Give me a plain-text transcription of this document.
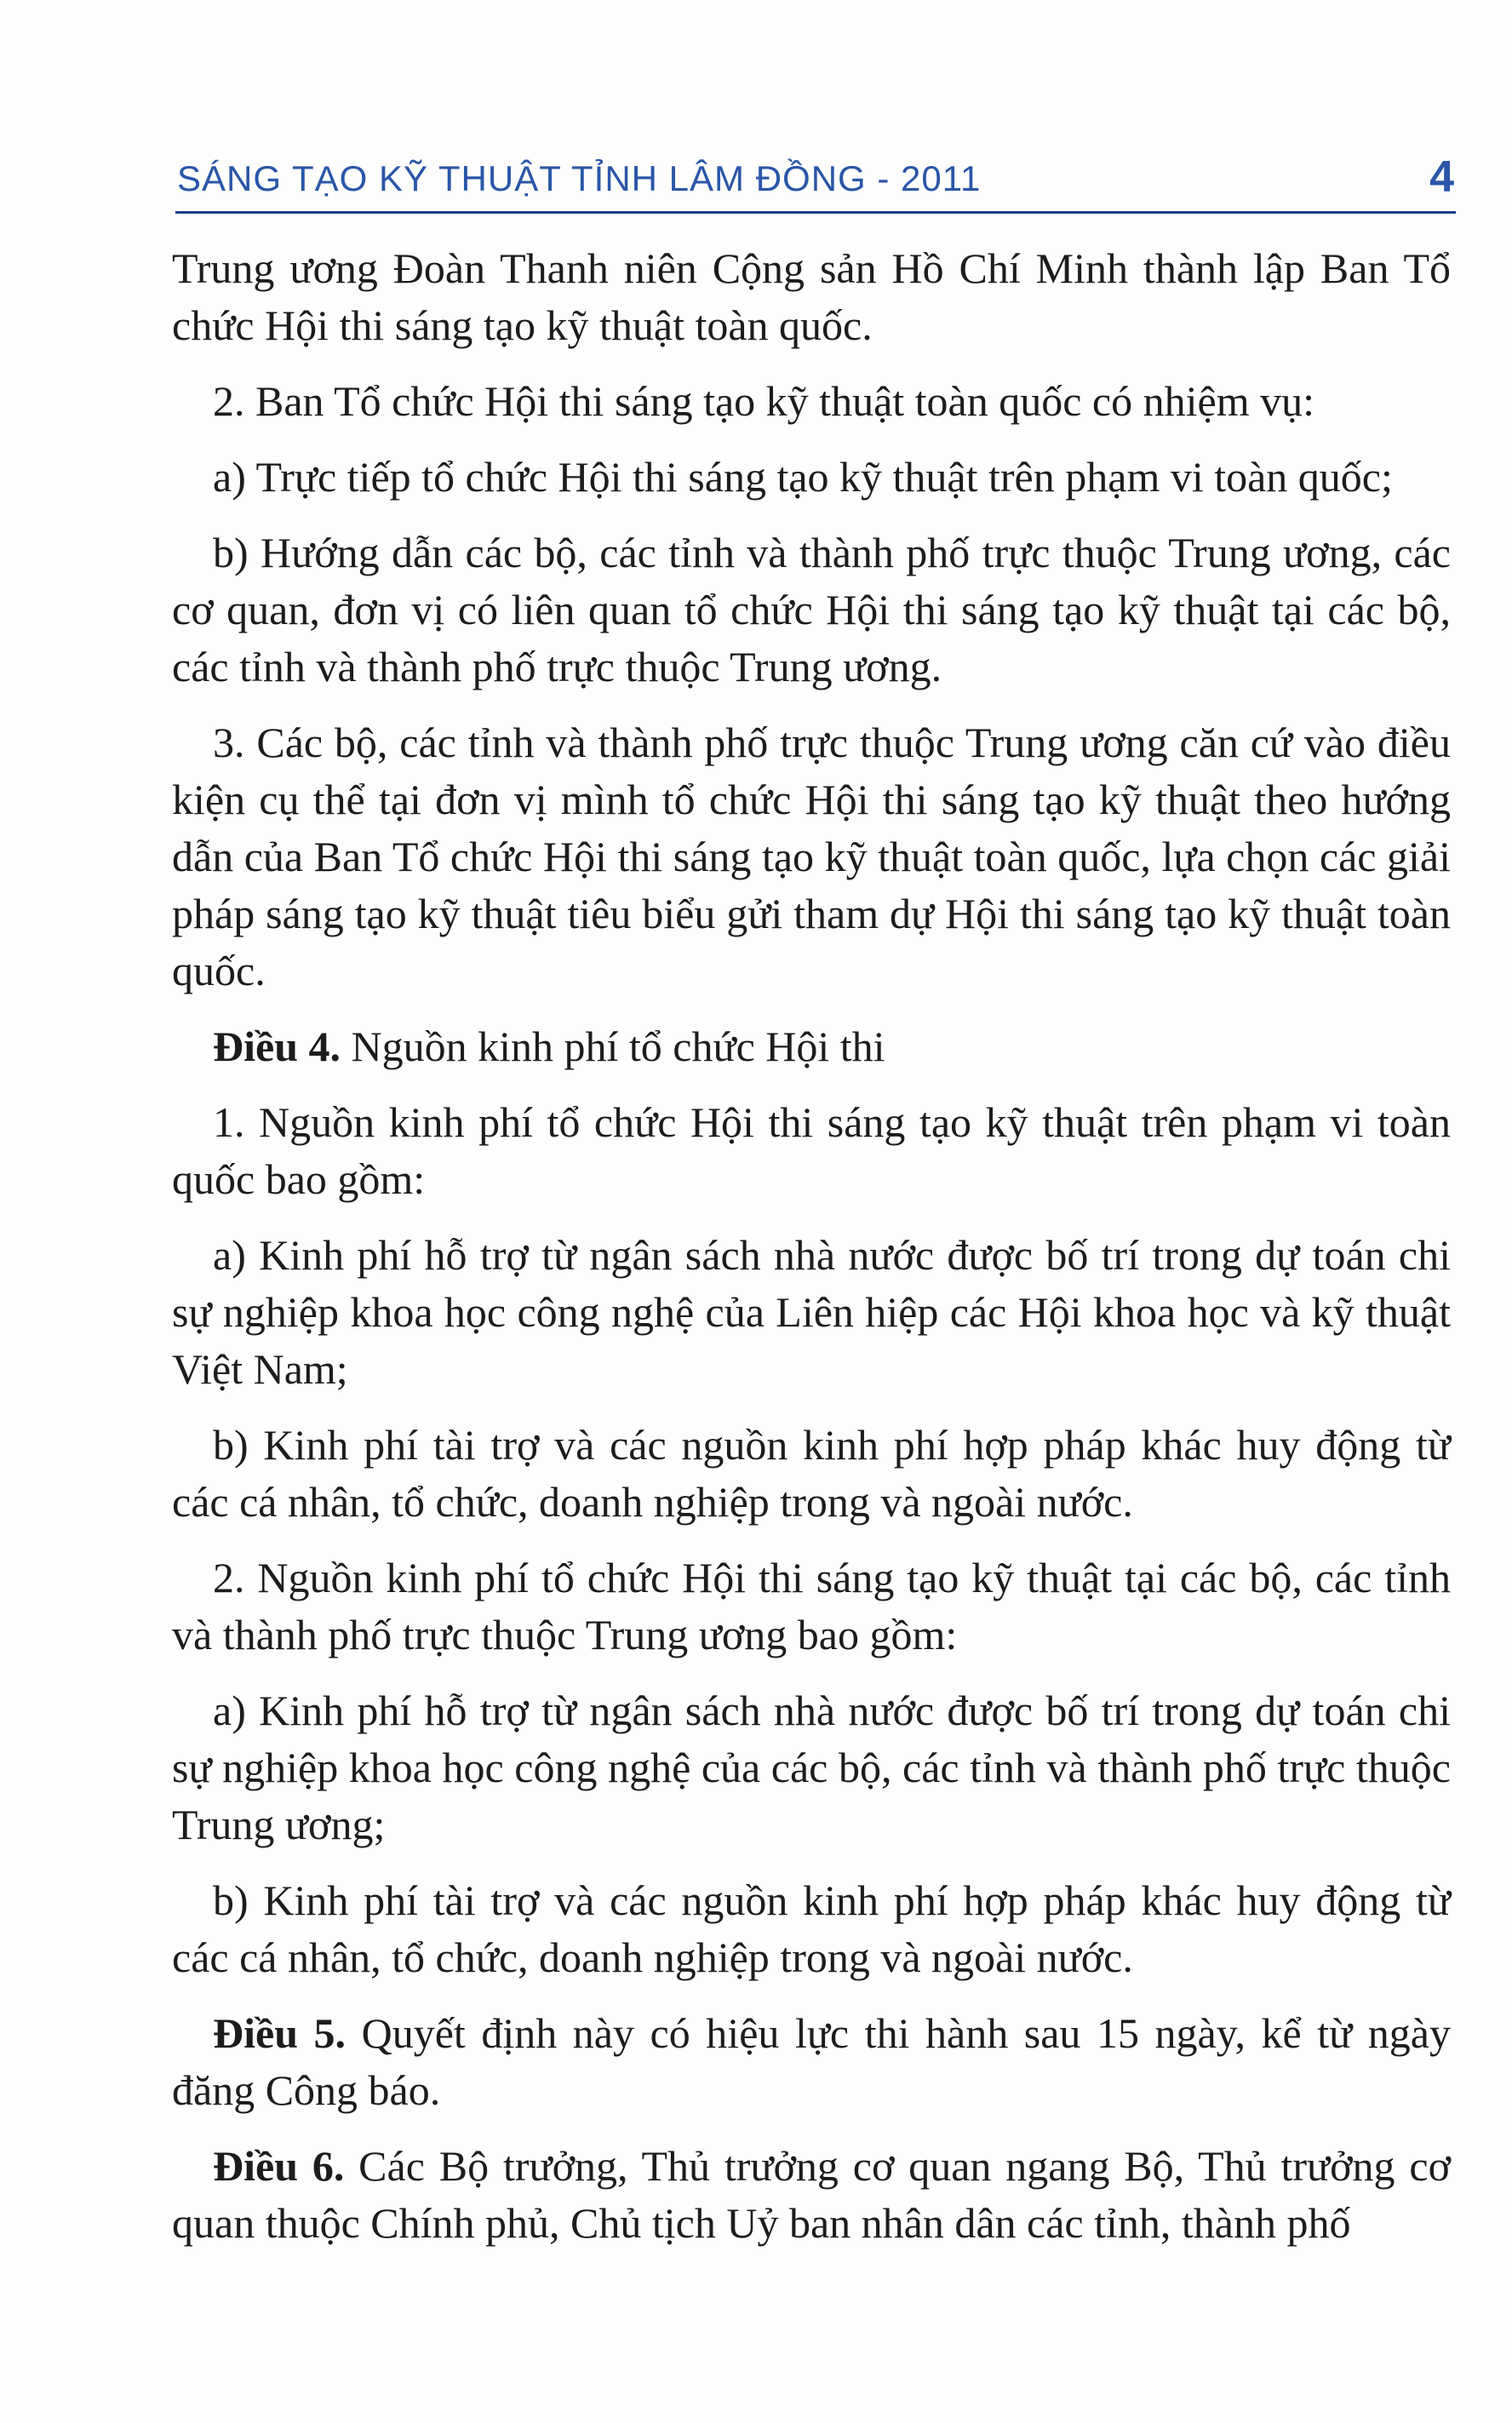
SÁNG TẠO KỸ THUẬT TỈNH LÂM ĐỒNG - 2011	4

Trung ương Đoàn Thanh niên Cộng sản Hồ Chí Minh thành lập Ban Tổ chức Hội thi sáng tạo kỹ thuật toàn quốc.

2. Ban Tổ chức Hội thi sáng tạo kỹ thuật toàn quốc có nhiệm vụ:

a) Trực tiếp tổ chức Hội thi sáng tạo kỹ thuật trên phạm vi toàn quốc;

b) Hướng dẫn các bộ, các tỉnh và thành phố trực thuộc Trung ương, các cơ quan, đơn vị có liên quan tổ chức Hội thi sáng tạo kỹ thuật tại các bộ, các tỉnh và thành phố trực thuộc Trung ương.

3. Các bộ, các tỉnh và thành phố trực thuộc Trung ương căn cứ vào điều kiện cụ thể tại đơn vị mình tổ chức Hội thi sáng tạo kỹ thuật theo hướng dẫn của Ban Tổ chức Hội thi sáng tạo kỹ thuật toàn quốc, lựa chọn các giải pháp sáng tạo kỹ thuật tiêu biểu gửi tham dự Hội thi sáng tạo kỹ thuật toàn quốc.

Điều 4. Nguồn kinh phí tổ chức Hội thi

1. Nguồn kinh phí tổ chức Hội thi sáng tạo kỹ thuật trên phạm vi toàn quốc bao gồm:

a) Kinh phí hỗ trợ từ ngân sách nhà nước được bố trí trong dự toán chi sự nghiệp khoa học công nghệ của Liên hiệp các Hội khoa học và kỹ thuật Việt Nam;

b) Kinh phí tài trợ và các nguồn kinh phí hợp pháp khác huy động từ các cá nhân, tổ chức, doanh nghiệp trong và ngoài nước.

2. Nguồn kinh phí tổ chức Hội thi sáng tạo kỹ thuật tại các bộ, các tỉnh và thành phố trực thuộc Trung ương bao gồm:

a) Kinh phí hỗ trợ từ ngân sách nhà nước được bố trí trong dự toán chi sự nghiệp khoa học công nghệ của các bộ, các tỉnh và thành phố trực thuộc Trung ương;

b) Kinh phí tài trợ và các nguồn kinh phí hợp pháp khác huy động từ các cá nhân, tổ chức, doanh nghiệp trong và ngoài nước.

Điều 5. Quyết định này có hiệu lực thi hành sau 15 ngày, kể từ ngày đăng Công báo.

Điều 6. Các Bộ trưởng, Thủ trưởng cơ quan ngang Bộ, Thủ trưởng cơ quan thuộc Chính phủ, Chủ tịch Uỷ ban nhân dân các tỉnh, thành phố
